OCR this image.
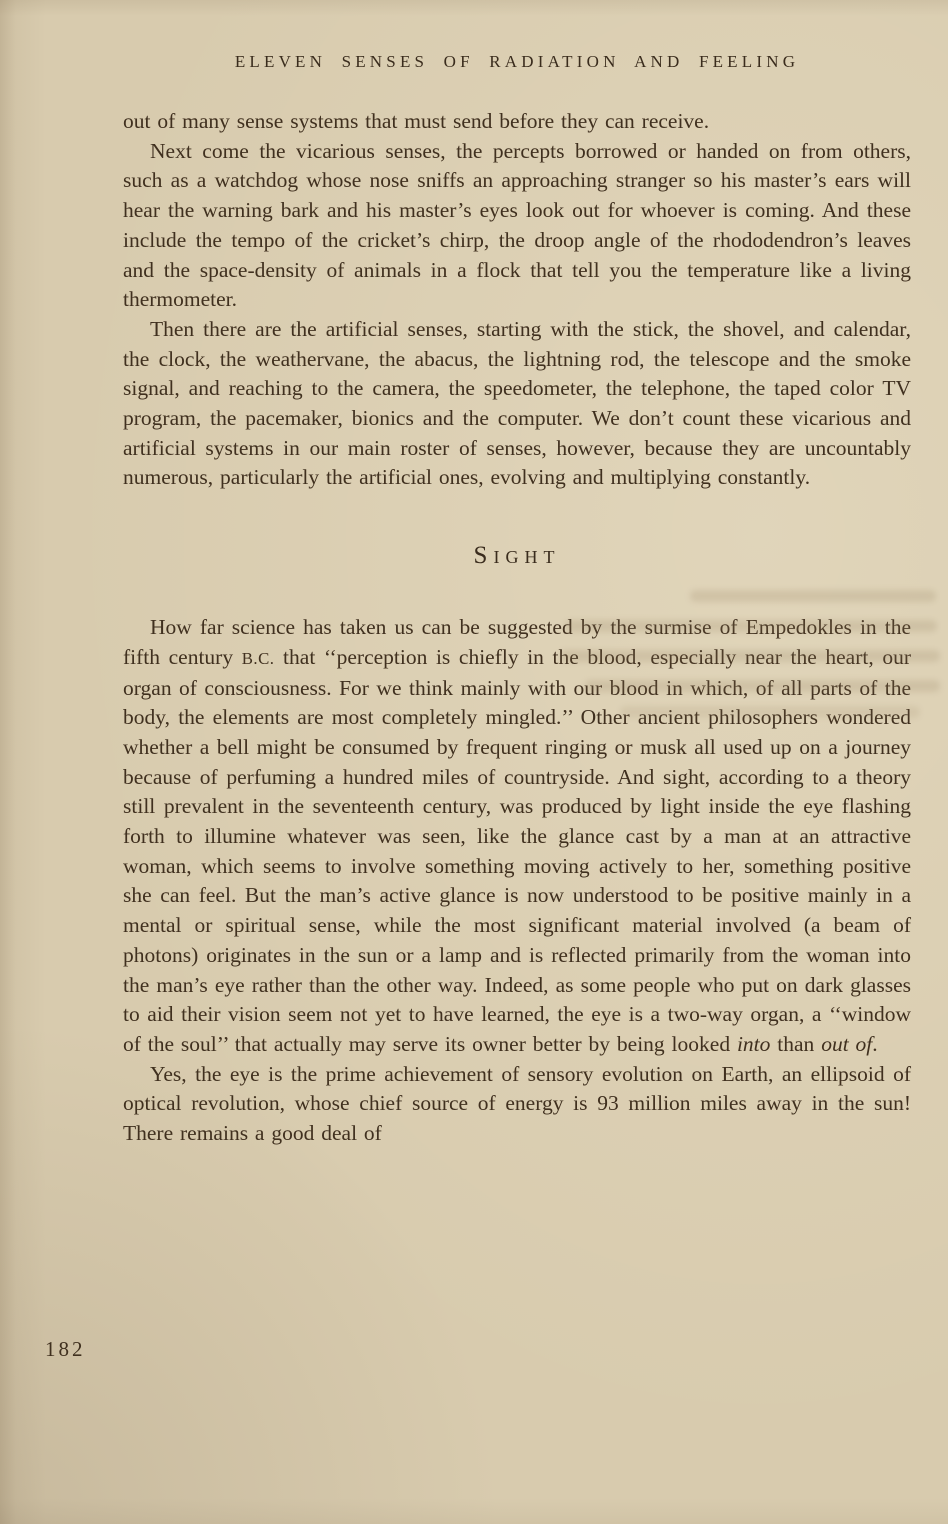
ELEVEN SENSES OF RADIATION AND FEELING

out of many sense systems that must send before they can receive.

Next come the vicarious senses, the percepts borrowed or handed on from others, such as a watchdog whose nose sniffs an approaching stranger so his master’s ears will hear the warning bark and his master’s eyes look out for whoever is coming. And these include the tempo of the cricket’s chirp, the droop angle of the rhododendron’s leaves and the space-density of animals in a flock that tell you the temperature like a living thermometer.

Then there are the artificial senses, starting with the stick, the shovel, and calendar, the clock, the weathervane, the abacus, the lightning rod, the telescope and the smoke signal, and reaching to the camera, the speedometer, the telephone, the taped color TV program, the pacemaker, bionics and the computer. We don’t count these vicarious and artificial systems in our main roster of senses, however, because they are uncountably numerous, particularly the artificial ones, evolving and multiplying constantly.

Sight

How far science has taken us can be suggested by the surmise of Empedokles in the fifth century B.C. that ‘‘perception is chiefly in the blood, especially near the heart, our organ of consciousness. For we think mainly with our blood in which, of all parts of the body, the elements are most completely mingled.’’ Other ancient philosophers wondered whether a bell might be consumed by frequent ringing or musk all used up on a journey because of perfuming a hundred miles of countryside. And sight, according to a theory still prevalent in the seventeenth century, was produced by light inside the eye flashing forth to illumine whatever was seen, like the glance cast by a man at an attractive woman, which seems to involve something moving actively to her, something positive she can feel. But the man’s active glance is now understood to be positive mainly in a mental or spiritual sense, while the most significant material involved (a beam of photons) originates in the sun or a lamp and is reflected primarily from the woman into the man’s eye rather than the other way. Indeed, as some people who put on dark glasses to aid their vision seem not yet to have learned, the eye is a two-way organ, a ‘‘window of the soul’’ that actually may serve its owner better by being looked into than out of.

Yes, the eye is the prime achievement of sensory evolution on Earth, an ellipsoid of optical revolution, whose chief source of energy is 93 million miles away in the sun! There remains a good deal of

182
